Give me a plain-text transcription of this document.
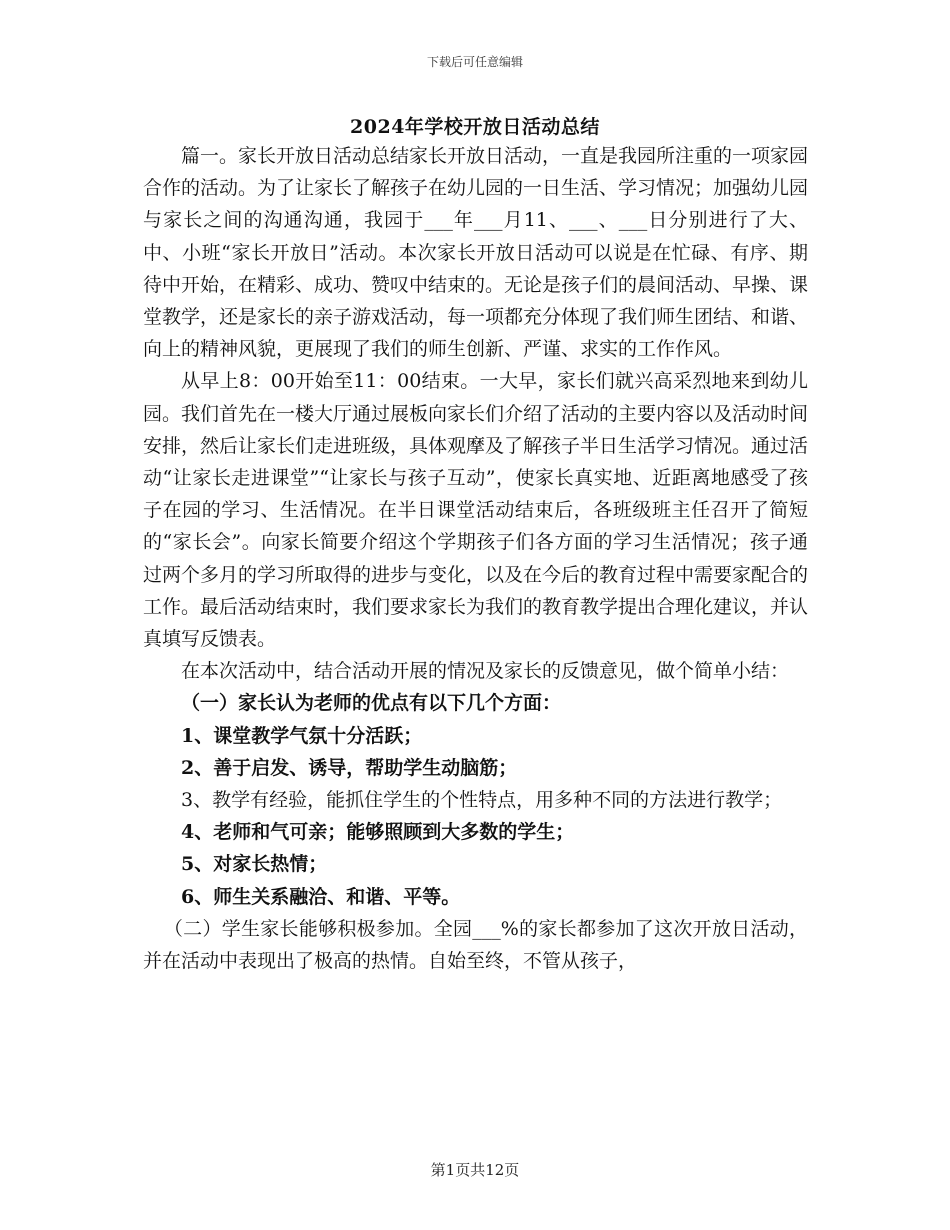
下载后可任意编辑
2024年学校开放日活动总结

篇一。家长开放日活动总结家长开放日活动，一直是我园所注重的一项家园合作的活动。为了让家长了解孩子在幼儿园的一日生活、学习情况；加强幼儿园与家长之间的沟通沟通，我园于___年___月11、___、___日分别进行了大、中、小班“家长开放日”活动。本次家长开放日活动可以说是在忙碌、有序、期待中开始，在精彩、成功、赞叹中结束的。无论是孩子们的晨间活动、早操、课堂教学，还是家长的亲子游戏活动，每一项都充分体现了我们师生团结、和谐、向上的精神风貌，更展现了我们的师生创新、严谨、求实的工作作风。

从早上8：00开始至11：00结束。一大早，家长们就兴高采烈地来到幼儿园。我们首先在一楼大厅通过展板向家长们介绍了活动的主要内容以及活动时间安排，然后让家长们走进班级，具体观摩及了解孩子半日生活学习情况。通过活动“让家长走进课堂”“让家长与孩子互动”，使家长真实地、近距离地感受了孩子在园的学习、生活情况。在半日课堂活动结束后，各班级班主任召开了简短的“家长会”。向家长简要介绍这个学期孩子们各方面的学习生活情况；孩子通过两个多月的学习所取得的进步与变化，以及在今后的教育过程中需要家配合的工作。最后活动结束时，我们要求家长为我们的教育教学提出合理化建议，并认真填写反馈表。

在本次活动中，结合活动开展的情况及家长的反馈意见，做个简单小结：

（一）家长认为老师的优点有以下几个方面：

1、课堂教学气氛十分活跃；

2、善于启发、诱导，帮助学生动脑筋；

3、教学有经验，能抓住学生的个性特点，用多种不同的方法进行教学；

4、老师和气可亲；能够照顾到大多数的学生；

5、对家长热情；

6、师生关系融洽、和谐、平等。

（二）学生家长能够积极参加。全园___%的家长都参加了这次开放日活动，并在活动中表现出了极高的热情。自始至终，不管从孩子，

第1页共12页
